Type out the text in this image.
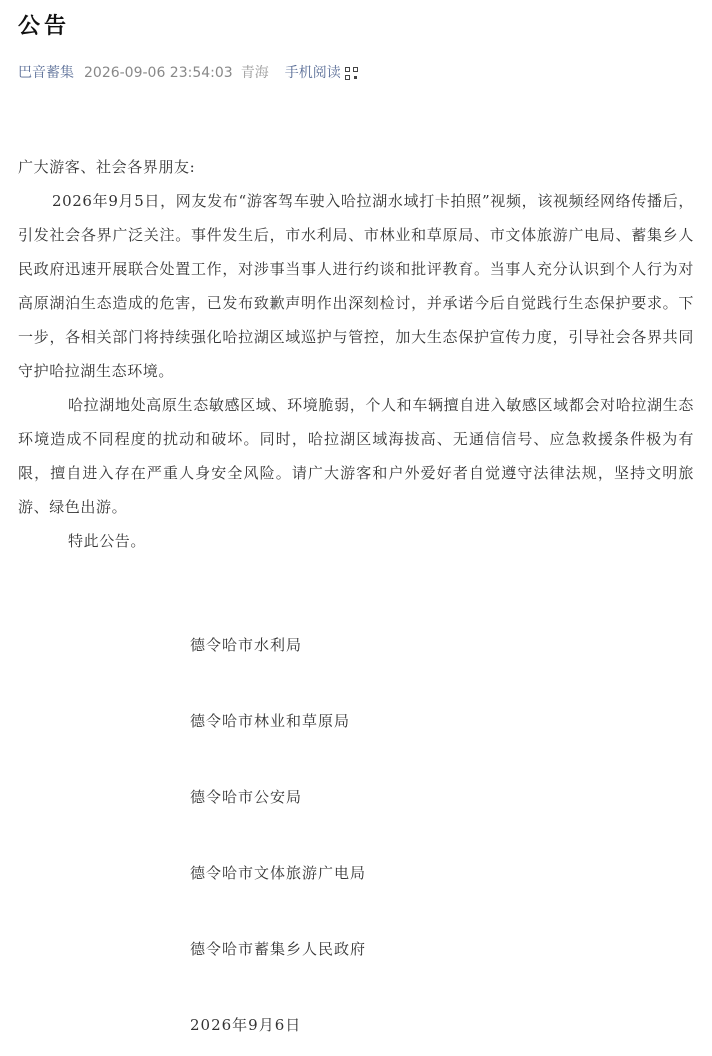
公告
巴音蓄集 2026-09-06 23:54:03 青海 手机阅读

广大游客、社会各界朋友:

2026年9月5日，网友发布“游客驾车驶入哈拉湖水域打卡拍照”视频，该视频经网络传播后，引发社会各界广泛关注。事件发生后，市水利局、市林业和草原局、市文体旅游广电局、蓄集乡人民政府迅速开展联合处置工作，对涉事当事人进行约谈和批评教育。当事人充分认识到个人行为对高原湖泊生态造成的危害，已发布致歉声明作出深刻检讨，并承诺今后自觉践行生态保护要求。下一步，各相关部门将持续强化哈拉湖区域巡护与管控，加大生态保护宣传力度，引导社会各界共同守护哈拉湖生态环境。

哈拉湖地处高原生态敏感区域、环境脆弱，个人和车辆擅自进入敏感区域都会对哈拉湖生态环境造成不同程度的扰动和破坏。同时，哈拉湖区域海拔高、无通信信号、应急救援条件极为有限，擅自进入存在严重人身安全风险。请广大游客和户外爱好者自觉遵守法律法规，坚持文明旅游、绿色出游。

特此公告。

德令哈市水利局
德令哈市林业和草原局
德令哈市公安局
德令哈市文体旅游广电局
德令哈市蓄集乡人民政府
2026年9月6日
